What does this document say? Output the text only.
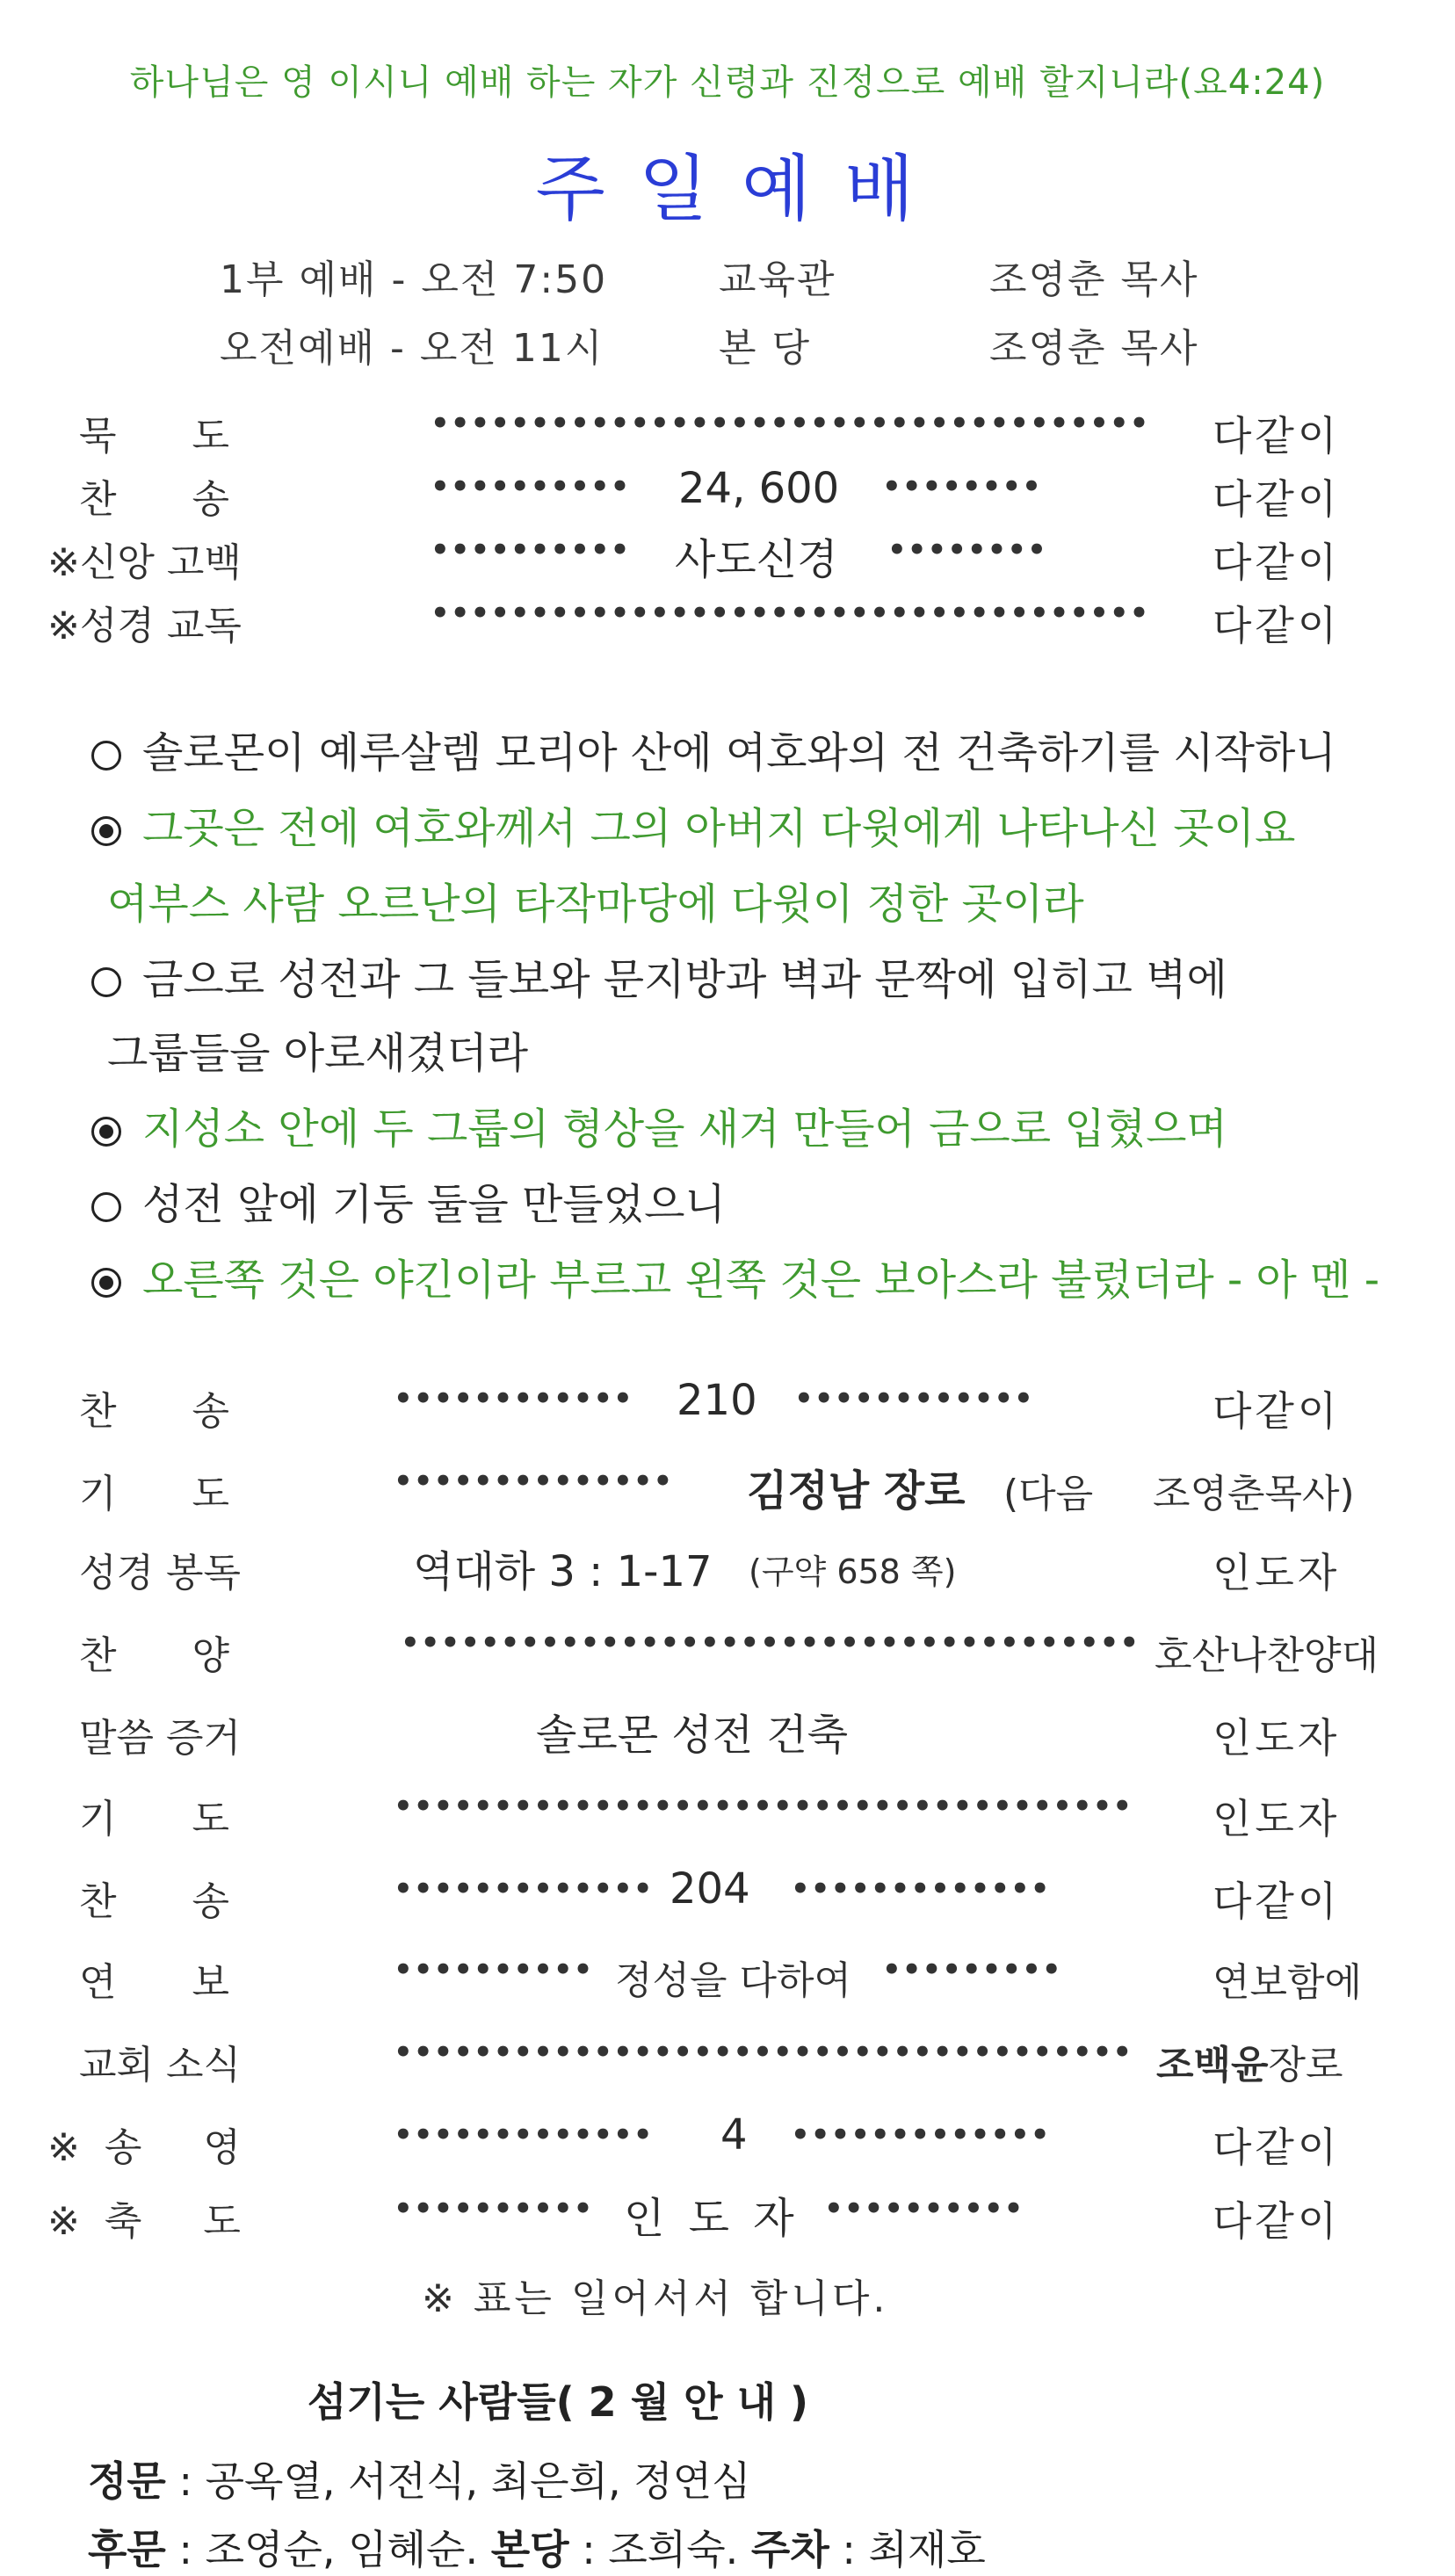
하나님은 영 이시니 예배 하는 자가 신령과 진정으로 예배 할지니라(요4:24)
주 일 예 배
1부 예배 - 오전 7:50	교육관	조영춘 목사
오전예배 - 오전 11시	본 당	조영춘 목사
묵 도	•••••••••••••••••••••••••••••••••••• 다같이
찬 송	•••••••••• 24, 600 ••••••••	다같이
※신앙 고백	•••••••••• 사도신경 ••••••••	다같이
※성경 교독	•••••••••••••••••••••••••••••••••••• 다같이
솔로몬이 예루살렘 모리아 산에 여호와의 전 건축하기를 시작하니
그곳은 전에 여호와께서 그의 아버지 다윗에게 나타나신 곳이요
여부스 사람 오르난의 타작마당에 다윗이 정한 곳이라
금으로 성전과 그 들보와 문지방과 벽과 문짝에 입히고 벽에
그룹들을 아로새겼더라
지성소 안에 두 그룹의 형상을 새겨 만들어 금으로 입혔으며
성전 앞에 기둥 둘을 만들었으니
오른쪽 것은 야긴이라 부르고 왼쪽 것은 보아스라 불렀더라 - 아 멘 -
찬 송	•••••••••••• 210 ••••••••••••	다같이
기 도	•••••••••••••• 김정남 장로 (다음 조영춘목사)
성경 봉독	역대하 3 : 1-17 (구약 658 쪽)	인도자
찬 양	••••••••••••••••••••••••••••••••••••• 호산나찬양대
말씀 증거	솔로몬 성전 건축	인도자
기 도	••••••••••••••••••••••••••••••••••••• 인도자
찬 송	••••••••••••• 204 •••••••••••••	다같이
연 보	•••••••••• 정성을 다하여 •••••••••	연보함에
교회 소식	••••••••••••••••••••••••••••••••••••• 조백윤장로
※송 영	••••••••••••• 4 •••••••••••••	다같이
※축 도	•••••••••• 인 도 자 ••••••••••	다같이
※ 표는 일어서서 합니다.
섬기는 사람들( 2 월 안 내 )
정문 : 공옥열, 서전식, 최은희, 정연심
후문 : 조영순, 임혜순. 본당 : 조희숙. 주차 : 최재호
